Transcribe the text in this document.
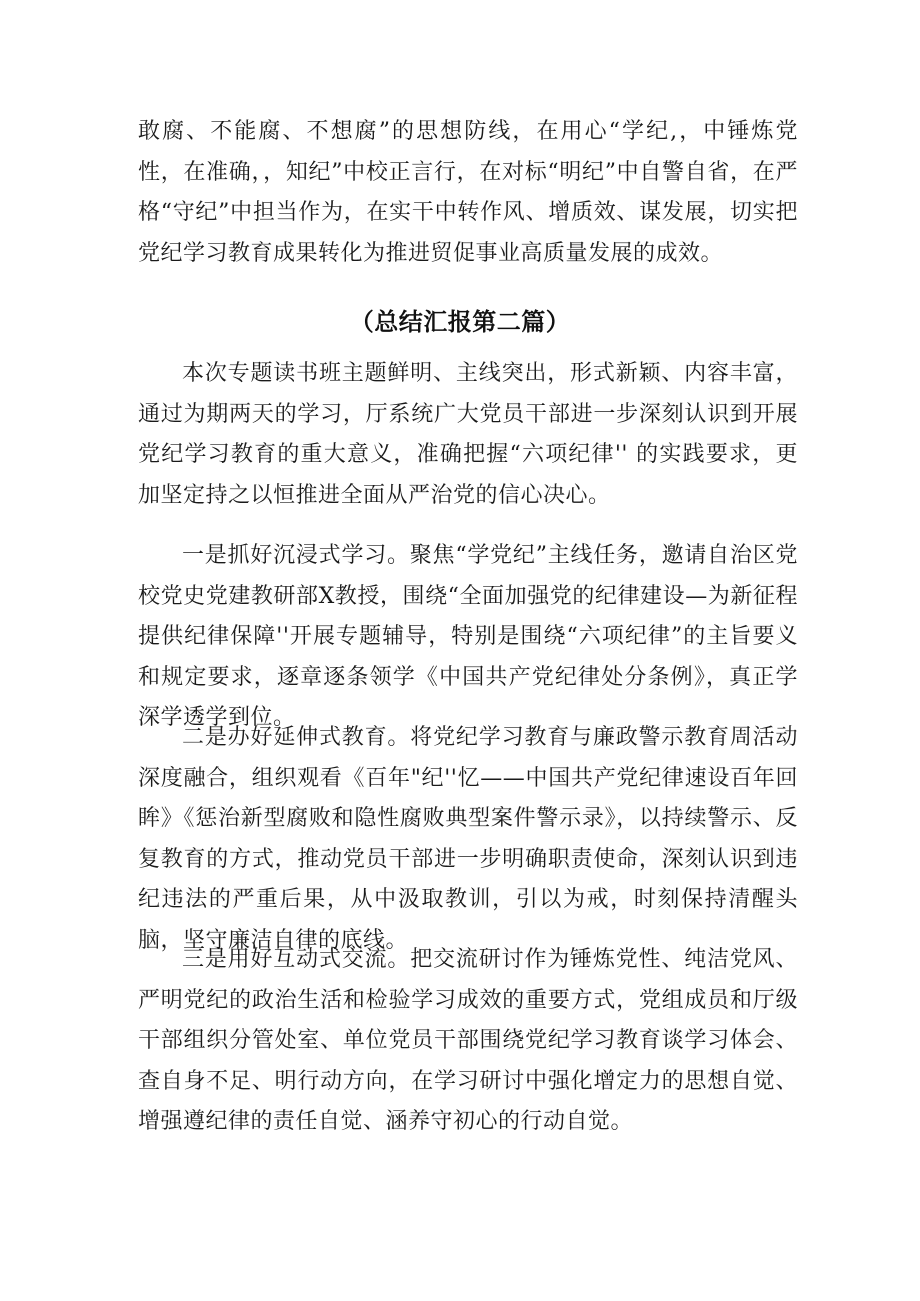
敢腐、不能腐、不想腐”的思想防线，在用心“学纪,，中锤炼党性，在准确，，知纪”中校正言行，在对标“明纪”中自警自省，在严格“守纪”中担当作为，在实干中转作风、增质效、谋发展，切实把党纪学习教育成果转化为推进贸促事业高质量发展的成效。

（总结汇报第二篇）

本次专题读书班主题鲜明、主线突出，形式新颖、内容丰富，通过为期两天的学习，厅系统广大党员干部进一步深刻认识到开展党纪学习教育的重大意义，准确把握“六项纪律'' 的实践要求，更加坚定持之以恒推进全面从严治党的信心决心。

一是抓好沉浸式学习。聚焦“学党纪”主线任务，邀请自治区党校党史党建教研部X教授，围绕“全面加强党的纪律建设—为新征程提供纪律保障''开展专题辅导，特别是围绕“六项纪律”的主旨要义和规定要求，逐章逐条领学《中国共产党纪律处分条例》，真正学深学透学到位。

二是办好延伸式教育。将党纪学习教育与廉政警示教育周活动深度融合，组织观看《百年"纪''忆——中国共产党纪律速设百年回眸》《惩治新型腐败和隐性腐败典型案件警示录》，以持续警示、反复教育的方式，推动党员干部进一步明确职责使命，深刻认识到违纪违法的严重后果，从中汲取教训，引以为戒，时刻保持清醒头脑，坚守廉洁自律的底线。

三是用好互动式交流。把交流研讨作为锤炼党性、纯洁党风、严明党纪的政治生活和检验学习成效的重要方式，党组成员和厅级干部组织分管处室、单位党员干部围绕党纪学习教育谈学习体会、查自身不足、明行动方向，在学习研讨中强化增定力的思想自觉、增强遵纪律的责任自觉、涵养守初心的行动自觉。
